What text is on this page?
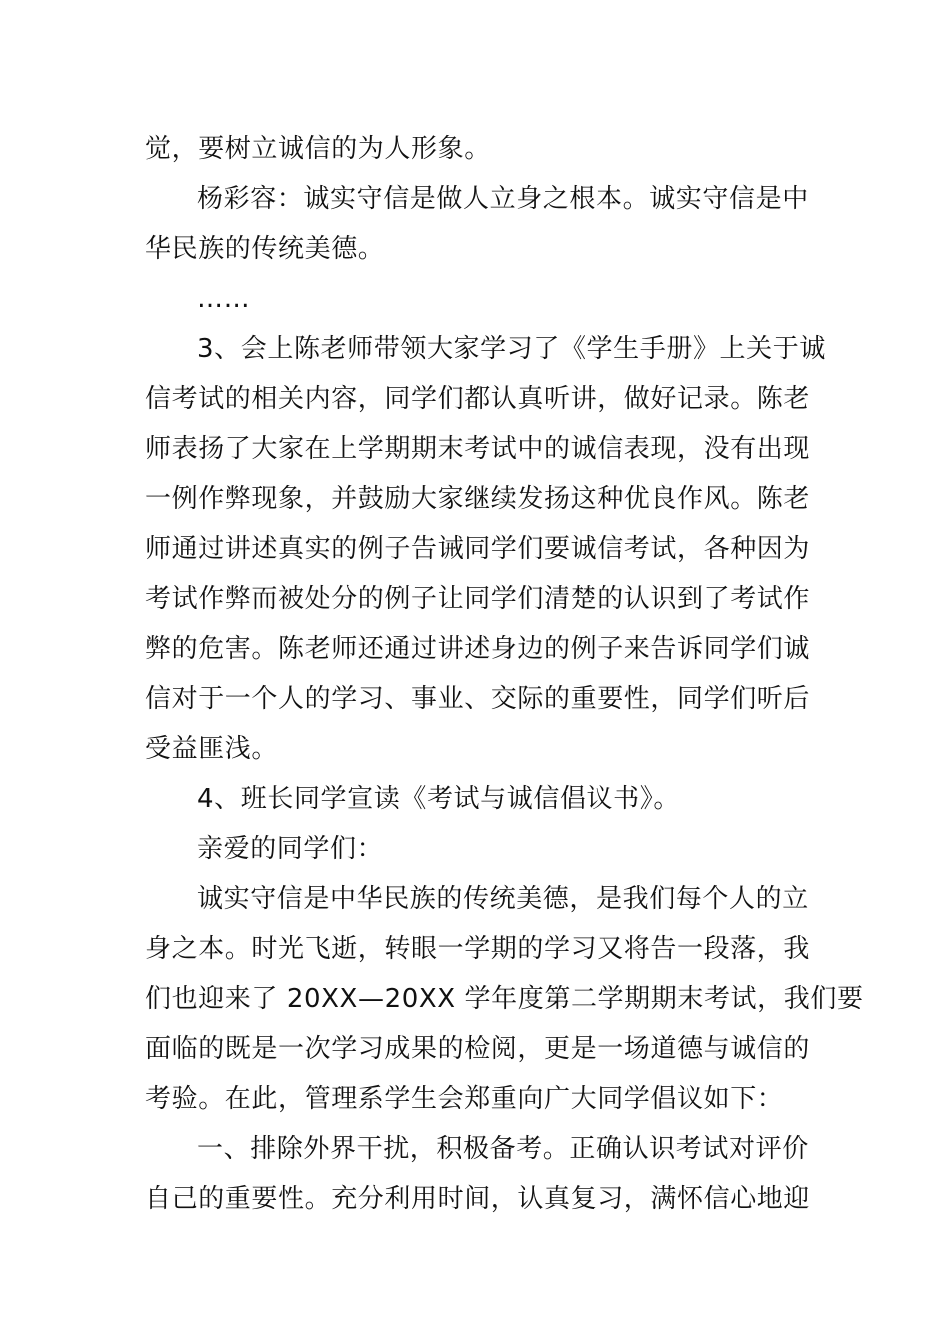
觉，要树立诚信的为人形象。
杨彩容：诚实守信是做人立身之根本。诚实守信是中
华民族的传统美德。
……
3、会上陈老师带领大家学习了《学生手册》上关于诚
信考试的相关内容，同学们都认真听讲，做好记录。陈老
师表扬了大家在上学期期末考试中的诚信表现，没有出现
一例作弊现象，并鼓励大家继续发扬这种优良作风。陈老
师通过讲述真实的例子告诫同学们要诚信考试，各种因为
考试作弊而被处分的例子让同学们清楚的认识到了考试作
弊的危害。陈老师还通过讲述身边的例子来告诉同学们诚
信对于一个人的学习、事业、交际的重要性，同学们听后
受益匪浅。
4、班长同学宣读《考试与诚信倡议书》。
亲爱的同学们：
诚实守信是中华民族的传统美德，是我们每个人的立
身之本。时光飞逝，转眼一学期的学习又将告一段落，我
们也迎来了 20XX—20XX 学年度第二学期期末考试，我们要
面临的既是一次学习成果的检阅，更是一场道德与诚信的
考验。在此，管理系学生会郑重向广大同学倡议如下：
一、排除外界干扰，积极备考。正确认识考试对评价
自己的重要性。充分利用时间，认真复习，满怀信心地迎
